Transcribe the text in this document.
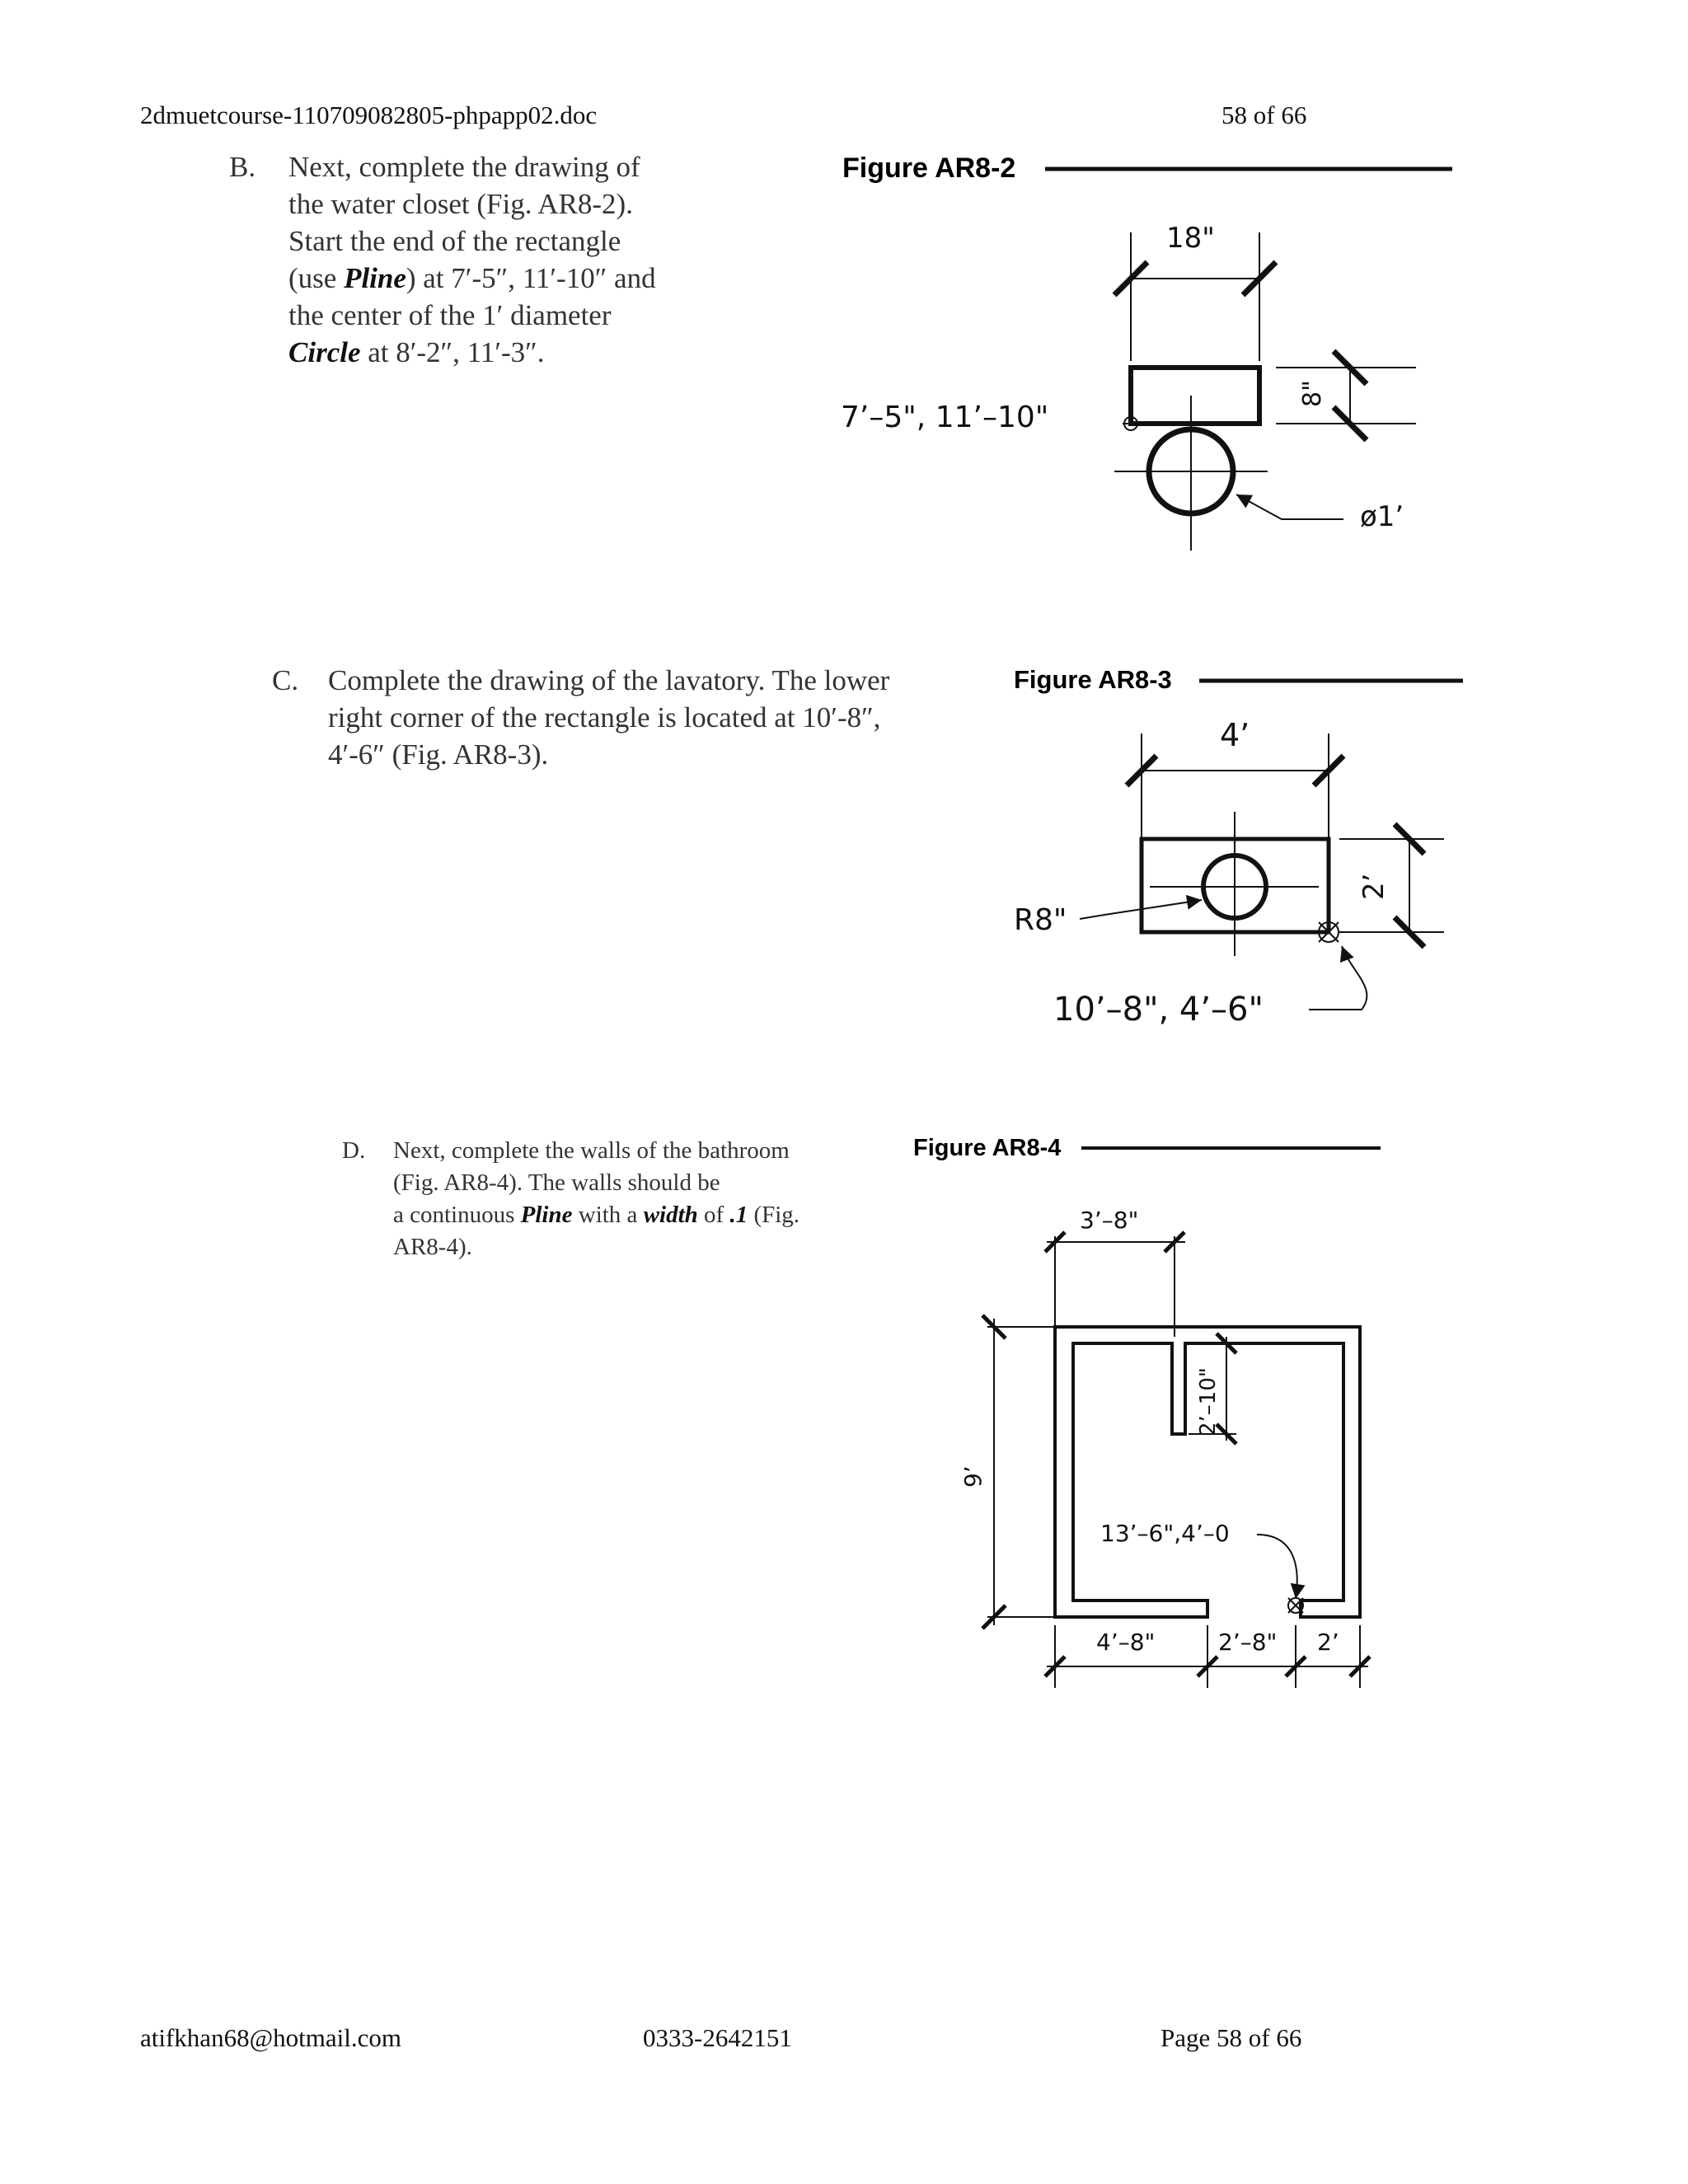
2dmuetcourse-110709082805-phpapp02.doc	58 of 66
B. Next, complete the drawing of
the water closet (Fig. AR8-2).
Start the end of the rectangle
(use Pline) at 7′-5″, 11′-10″ and
the center of the 1′ diameter
Circle at 8′-2″, 11′-3″.
C. Complete the drawing of the lavatory. The lower
right corner of the rectangle is located at 10′-8″,
4′-6″ (Fig. AR8-3).
D. Next, complete the walls of the bathroom
(Fig. AR8-4). The walls should be
a continuous Pline with a width of .1 (Fig.
AR8-4).
Figure AR8-2
18"
8"
7’–5", 11’–10"
ø1’
Figure AR8-3
4’
2’
R8"
10’–8", 4’–6"
Figure AR8-4
3’–8"
2’–10"
9’
13’–6",4’–0
4’–8"	2’–8" 2’
atifkhan68@hotmail.com	0333-2642151	Page 58 of 66
